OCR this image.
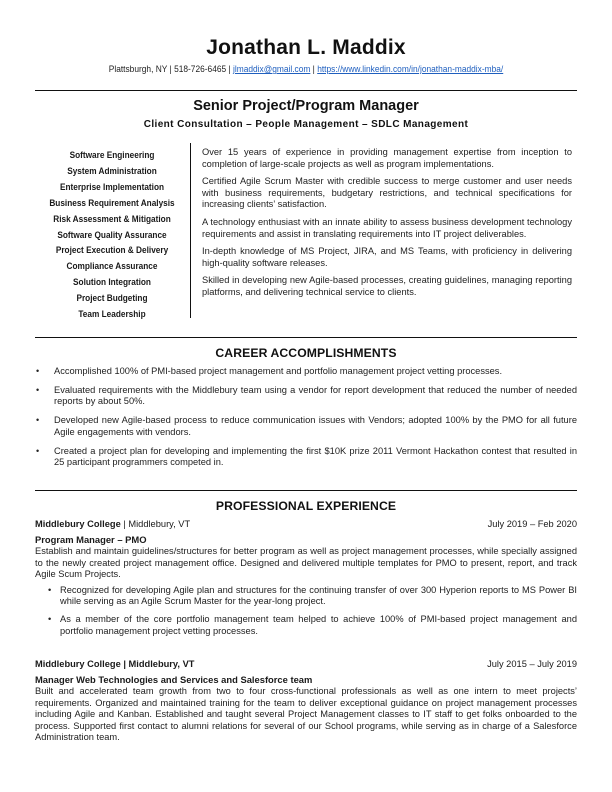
Jonathan L. Maddix
Plattsburgh, NY | 518-726-6465 | jlmaddix@gmail.com | https://www.linkedin.com/in/jonathan-maddix-mba/
Senior Project/Program Manager
Client Consultation – People Management – SDLC Management
Software Engineering
System Administration
Enterprise Implementation
Business Requirement Analysis
Risk Assessment & Mitigation
Software Quality Assurance
Project Execution & Delivery
Compliance Assurance
Solution Integration
Project Budgeting
Team Leadership

Over 15 years of experience in providing management expertise from inception to completion of large-scale projects as well as program implementations.

Certified Agile Scrum Master with credible success to merge customer and user needs with business requirements, budgetary restrictions, and technical specifications for increasing clients’ satisfaction.

A technology enthusiast with an innate ability to assess business development technology requirements and assist in translating requirements into IT project deliverables.

In-depth knowledge of MS Project, JIRA, and MS Teams, with proficiency in delivering high-quality software releases.

Skilled in developing new Agile-based processes, creating guidelines, managing reporting platforms, and delivering technical service to clients.

CAREER ACCOMPLISHMENTS
• Accomplished 100% of PMI-based project management and portfolio management project vetting processes.
• Evaluated requirements with the Middlebury team using a vendor for report development that reduced the number of needed reports by about 50%.
• Developed new Agile-based process to reduce communication issues with Vendors; adopted 100% by the PMO for all future Agile engagements with vendors.
• Created a project plan for developing and implementing the first $10K prize 2011 Vermont Hackathon contest that resulted in 25 participant programmers competed in.
PROFESSIONAL EXPERIENCE
Middlebury College | Middlebury, VT	July 2019 – Feb 2020
Program Manager – PMO

Establish and maintain guidelines/structures for better program as well as project management processes, while specially assigned to the newly created project management office. Designed and delivered multiple templates for PMO to present, report, and track Agile Scum Projects.

• Recognized for developing Agile plan and structures for the continuing transfer of over 300 Hyperion reports to MS Power BI while serving as an Agile Scrum Master for the year-long project.
• As a member of the core portfolio management team helped to achieve 100% of PMI-based project management and portfolio management project vetting processes.
Middlebury College | Middlebury, VT	July 2015 – July 2019
Manager Web Technologies and Services and Salesforce team

Built and accelerated team growth from two to four cross-functional professionals as well as one intern to meet projects’ requirements. Organized and maintained training for the team to deliver exceptional guidance on project management processes including Agile and Kanban. Established and taught several Project Management classes to IT staff to get folks onboarded to the process. Supported first contact to alumni relations for several of our School programs, while serving as in charge of a Salesforce Administration team.
